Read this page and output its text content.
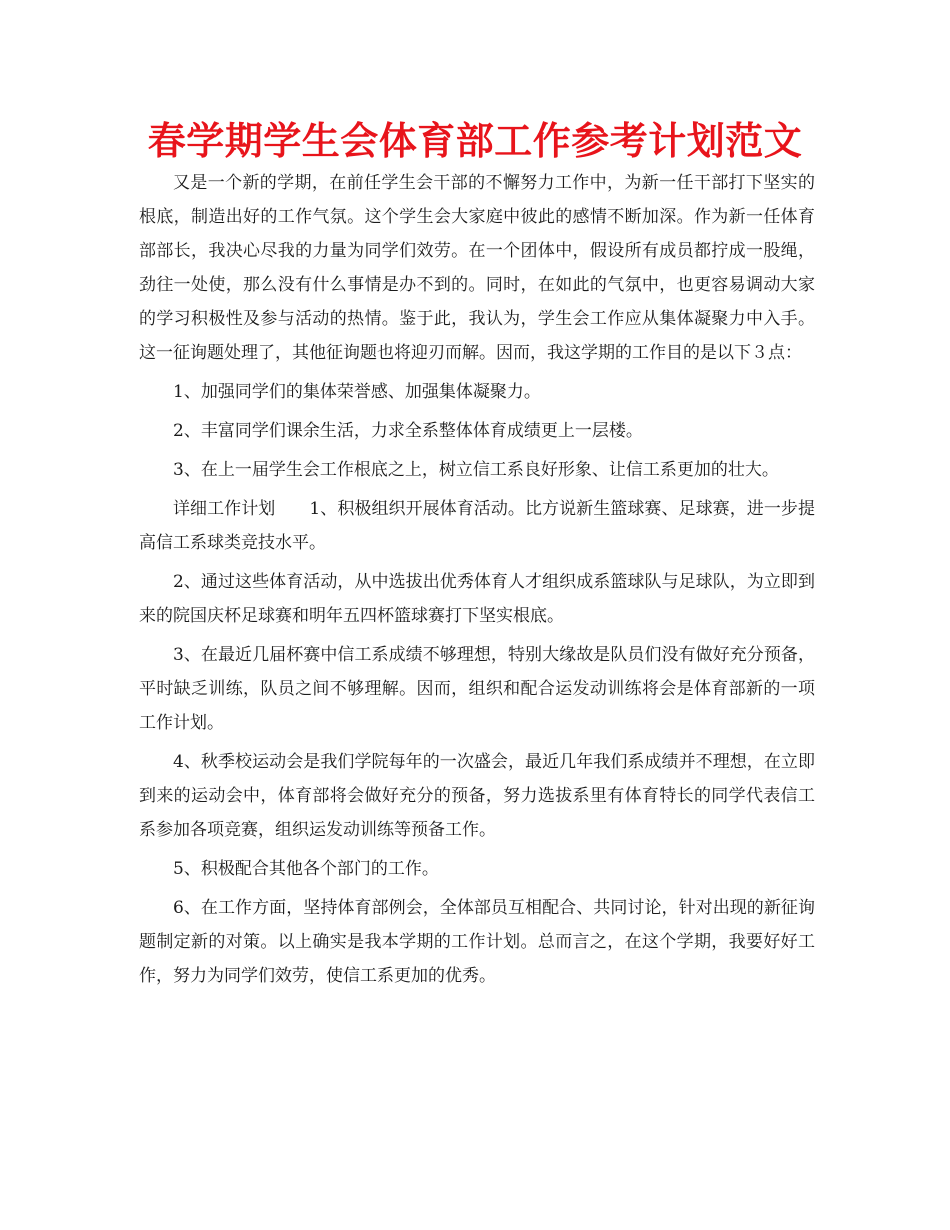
春学期学生会体育部工作参考计划范文

又是一个新的学期，在前任学生会干部的不懈努力工作中，为新一任干部打下坚实的根底，制造出好的工作气氛。这个学生会大家庭中彼此的感情不断加深。作为新一任体育部部长，我决心尽我的力量为同学们效劳。在一个团体中，假设所有成员都拧成一股绳，劲往一处使，那么没有什么事情是办不到的。同时，在如此的气氛中，也更容易调动大家的学习积极性及参与活动的热情。鉴于此，我认为，学生会工作应从集体凝聚力中入手。这一征询题处理了，其他征询题也将迎刃而解。因而，我这学期的工作目的是以下３点：

1、加强同学们的集体荣誉感、加强集体凝聚力。

2、丰富同学们课余生活，力求全系整体体育成绩更上一层楼。

3、在上一届学生会工作根底之上，树立信工系良好形象、让信工系更加的壮大。

详细工作计划 1、积极组织开展体育活动。比方说新生篮球赛、足球赛，进一步提高信工系球类竞技水平。

2、通过这些体育活动，从中选拔出优秀体育人才组织成系篮球队与足球队，为立即到来的院国庆杯足球赛和明年五四杯篮球赛打下坚实根底。

3、在最近几届杯赛中信工系成绩不够理想，特别大缘故是队员们没有做好充分预备，平时缺乏训练，队员之间不够理解。因而，组织和配合运发动训练将会是体育部新的一项工作计划。

4、秋季校运动会是我们学院每年的一次盛会，最近几年我们系成绩并不理想，在立即到来的运动会中，体育部将会做好充分的预备，努力选拔系里有体育特长的同学代表信工系参加各项竞赛，组织运发动训练等预备工作。

5、积极配合其他各个部门的工作。

6、在工作方面，坚持体育部例会，全体部员互相配合、共同讨论，针对出现的新征询题制定新的对策。以上确实是我本学期的工作计划。总而言之，在这个学期，我要好好工作，努力为同学们效劳，使信工系更加的优秀。
